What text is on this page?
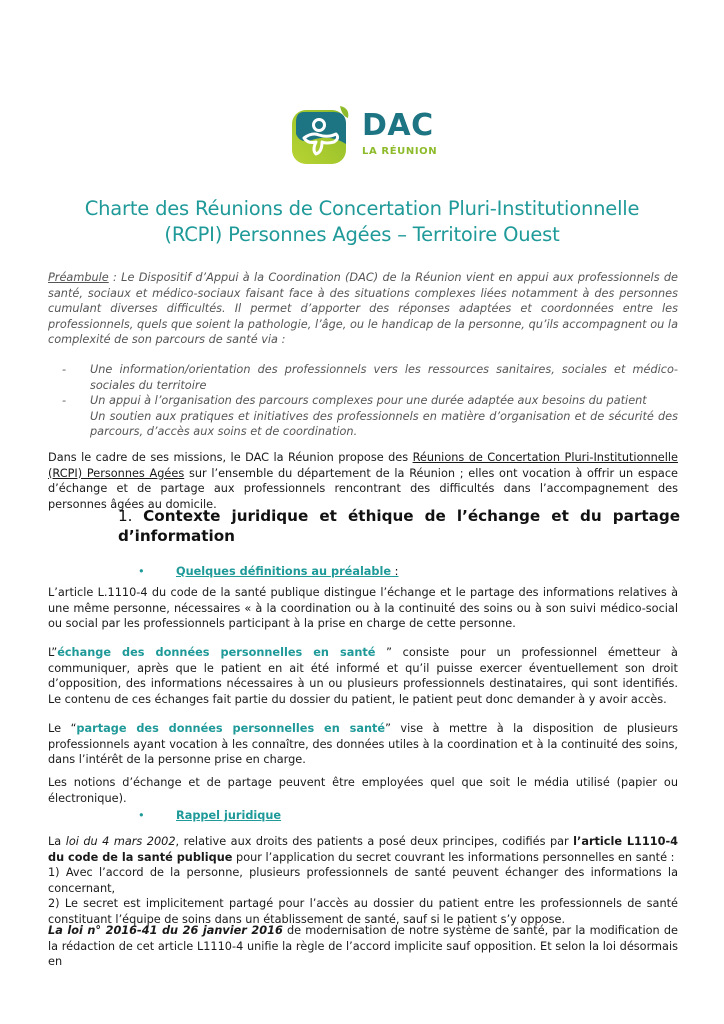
DAC
LA RÉUNION
Charte des Réunions de Concertation Pluri-Institutionnelle
(RCPI) Personnes Agées – Territoire Ouest
Préambule : Le Dispositif d’Appui à la Coordination (DAC) de la Réunion vient en appui aux professionnels de santé, sociaux et médico-sociaux faisant face à des situations complexes liées notamment à des personnes cumulant diverses difficultés. Il permet d’apporter des réponses adaptées et coordonnées entre les professionnels, quels que soient la pathologie, l’âge, ou le handicap de la personne, qu’ils accompagnent ou la complexité de son parcours de santé via :
- Une information/orientation des professionnels vers les ressources sanitaires, sociales et médico-sociales du territoire
- Un appui à l’organisation des parcours complexes pour une durée adaptée aux besoins du patient
Un soutien aux pratiques et initiatives des professionnels en matière d’organisation et de sécurité des parcours, d’accès aux soins et de coordination.
Dans le cadre de ses missions, le DAC la Réunion propose des Réunions de Concertation Pluri-Institutionnelle (RCPI) Personnes Agées sur l’ensemble du département de la Réunion ; elles ont vocation à offrir un espace d’échange et de partage aux professionnels rencontrant des difficultés dans l’accompagnement des personnes âgées au domicile.
1. Contexte juridique et éthique de l’échange et du partage d’information
•	Quelques définitions au préalable :
L’article L.1110-4 du code de la santé publique distingue l’échange et le partage des informations relatives à une même personne, nécessaires « à la coordination ou à la continuité des soins ou à son suivi médico-social ou social par les professionnels participant à la prise en charge de cette personne.
L”échange des données personnelles en santé ” consiste pour un professionnel émetteur à communiquer, après que le patient en ait été informé et qu’il puisse exercer éventuellement son droit d’opposition, des informations nécessaires à un ou plusieurs professionnels destinataires, qui sont identifiés. Le contenu de ces échanges fait partie du dossier du patient, le patient peut donc demander à y avoir accès.
Le “partage des données personnelles en santé” vise à mettre à la disposition de plusieurs professionnels ayant vocation à les connaître, des données utiles à la coordination et à la continuité des soins, dans l’intérêt de la personne prise en charge.
Les notions d’échange et de partage peuvent être employées quel que soit le média utilisé (papier ou électronique).
•	Rappel juridique
La loi du 4 mars 2002, relative aux droits des patients a posé deux principes, codifiés par l’article L1110-4 du code de la santé publique pour l’application du secret couvrant les informations personnelles en santé :
1) Avec l’accord de la personne, plusieurs professionnels de santé peuvent échanger des informations la concernant,
2) Le secret est implicitement partagé pour l’accès au dossier du patient entre les professionnels de santé constituant l’équipe de soins dans un établissement de santé, sauf si le patient s’y oppose.
La loi n° 2016-41 du 26 janvier 2016 de modernisation de notre système de santé, par la modification de la rédaction de cet article L1110-4 unifie la règle de l’accord implicite sauf opposition. Et selon la loi désormais en
